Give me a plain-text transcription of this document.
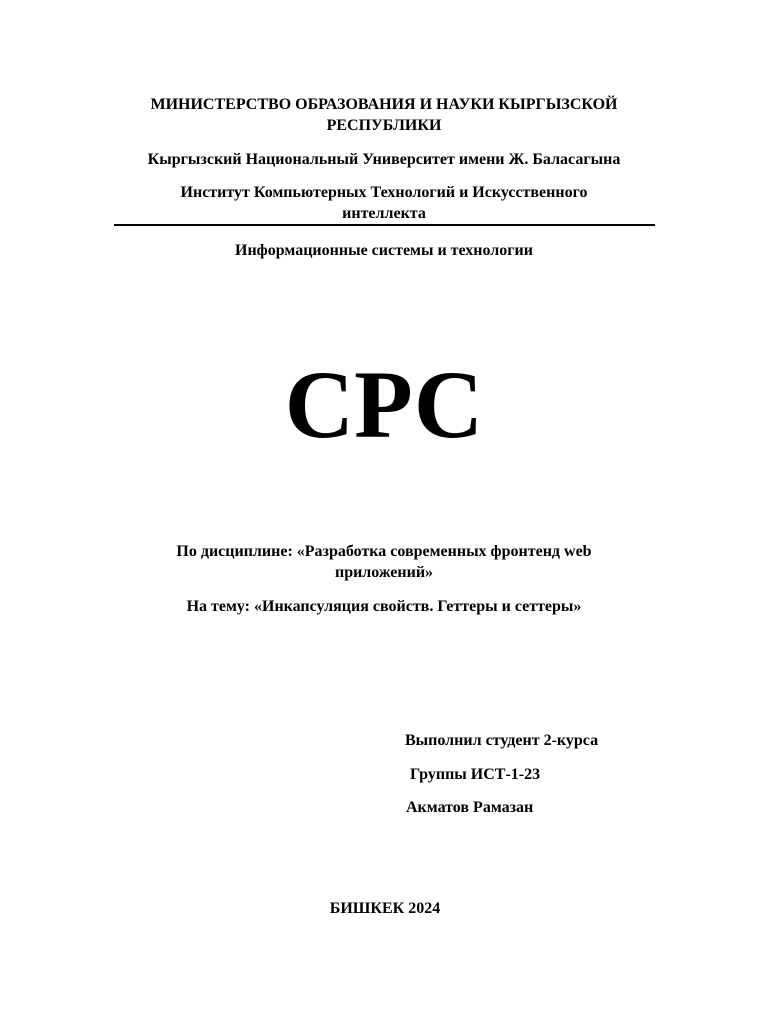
МИНИСТЕРСТВО ОБРАЗОВАНИЯ И НАУКИ КЫРГЫЗСКОЙ
РЕСПУБЛИКИ
Кыргызский Национальный Университет имени Ж. Баласагына
Институт Компьютерных Технологий и Искусственного
интеллекта
Информационные системы и технологии
СРС
По дисциплине: «Разработка современных фронтенд web
приложений»
На тему: «Инкапсуляция свойств. Геттеры и сеттеры»
Выполнил студент 2-курса
Группы ИСТ-1-23
Акматов Рамазан
БИШКЕК 2024
